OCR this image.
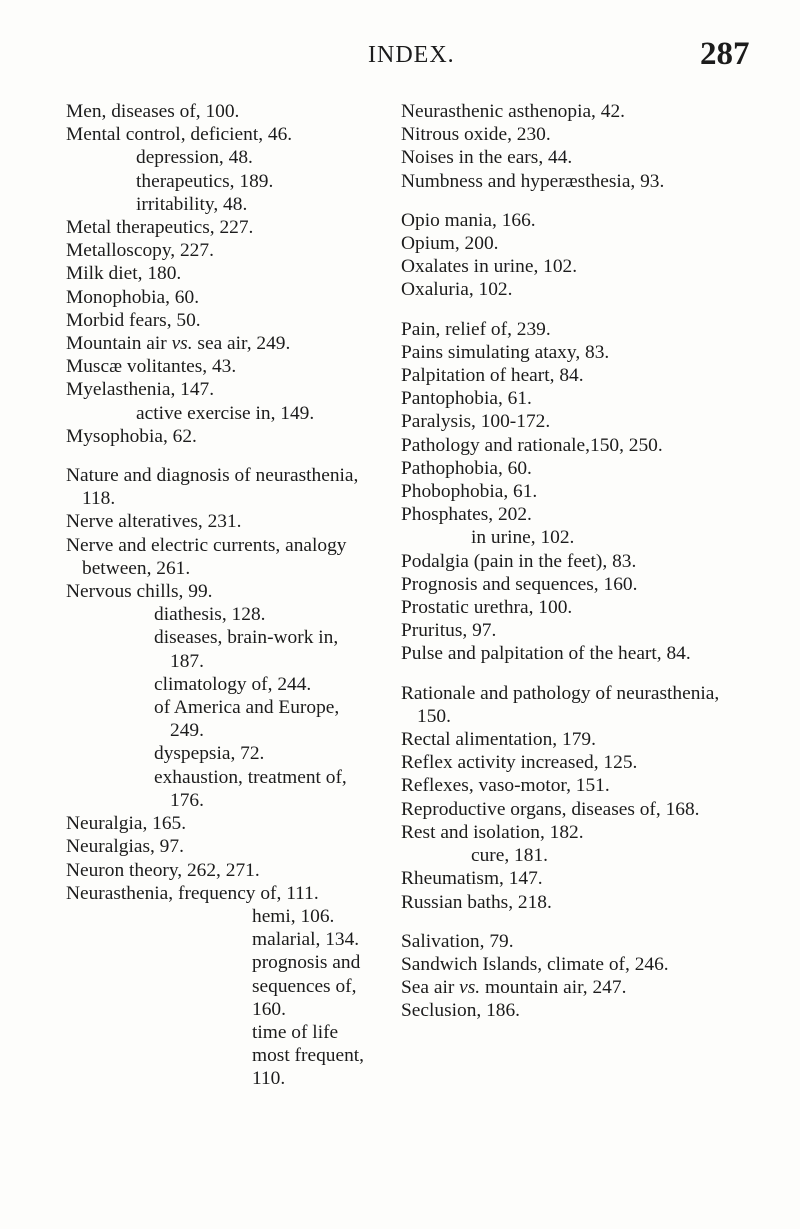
INDEX.	287

Men, diseases of, 100.

Mental control, deficient, 46.

depression, 48.

therapeutics, 189.

irritability, 48.

Metal therapeutics, 227.

Metalloscopy, 227.

Milk diet, 180.

Monophobia, 60.

Morbid fears, 50.

Mountain air vs. sea air, 249.

Muscæ volitantes, 43.

Myelasthenia, 147.

active exercise in, 149.

Mysophobia, 62.

Nature and diagnosis of neurasthenia, 118.

Nerve alteratives, 231.

Nerve and electric currents, analogy between, 261.

Nervous chills, 99.

diathesis, 128.

diseases, brain-work in, 187.

climatology of, 244.

of America and Europe, 249.

dyspepsia, 72.

exhaustion, treatment of, 176.

Neuralgia, 165.

Neuralgias, 97.

Neuron theory, 262, 271.

Neurasthenia, frequency of, 111.

hemi, 106.

malarial, 134.

prognosis and sequences of, 160.

time of life most frequent, 110.

Neurasthenic asthenopia, 42.

Nitrous oxide, 230.

Noises in the ears, 44.

Numbness and hyperæsthesia, 93.

Opio mania, 166.

Opium, 200.

Oxalates in urine, 102.

Oxaluria, 102.

Pain, relief of, 239.

Pains simulating ataxy, 83.

Palpitation of heart, 84.

Pantophobia, 61.

Paralysis, 100-172.

Pathology and rationale,150, 250.

Pathophobia, 60.

Phobophobia, 61.

Phosphates, 202.

in urine, 102.

Podalgia (pain in the feet), 83.

Prognosis and sequences, 160.

Prostatic urethra, 100.

Pruritus, 97.

Pulse and palpitation of the heart, 84.

Rationale and pathology of neurasthenia, 150.

Rectal alimentation, 179.

Reflex activity increased, 125.

Reflexes, vaso-motor, 151.

Reproductive organs, diseases of, 168.

Rest and isolation, 182.

cure, 181.

Rheumatism, 147.

Russian baths, 218.

Salivation, 79.

Sandwich Islands, climate of, 246.

Sea air vs. mountain air, 247.

Seclusion, 186.
